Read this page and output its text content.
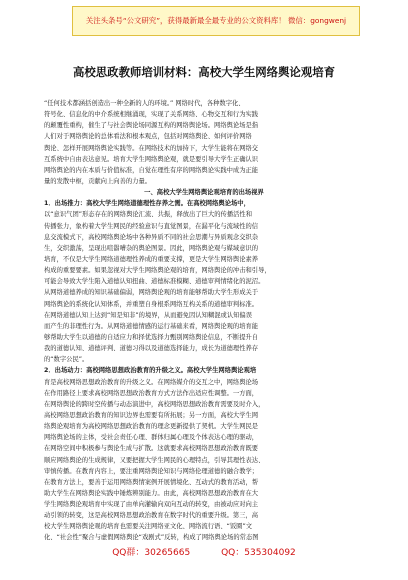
关注头条号“公文研究”，获得最新最全最专业的公文资料库！ 微信：gongwenj
高校思政教师培训材料：高校大学生网络舆论观培育
“任何技术都涵括创造出一种全新的人的环境。” 网络时代，各种数字化、
符号化、信息化的中介系统相继涌现，实现了关系网络、心物交互和行为实践
的颠覆性重构，催生了与社会舆论场同源互构的网络舆论场。网络舆论场是指
人们对于网络舆论的总体看法和根本观点，包括对网络舆论、如何评价网络
舆论、怎样开展网络舆论实践等。在网络技术的加持下，大学生能将在网络交
互系统中自由表达意见。培育大学生网络舆论观，就是要引导大学生正确认识
网络舆论的内在本质与价值标准，自觉在理性有序的网络舆论实践中成为正能
量的发散中枢，贡献向上向善的力量。
一、高校大学生网络舆论观培育的出场视界
1．出场推力：高校大学生网络道德理性存养之需。在高校网络舆论场中，
以“意识气团”形态存在的网络舆论汇流、共振，释放出了巨大的传播活性和
传播张力，象构着大学生网民的经验意识与直觉图景，在漏平化与流域性的信
息交流模式下，高校网络舆论场中各种异质不同的社会思潮与异质观念交织杂
生，交织激荡，呈现出喧嚣嘈杂的舆论图景。因此，网络舆论观与媒域意识的
培育，不仅是大学生网络道德理性养成的重要支撑，更是大学生网络舆论素养
构成的重要要素。如果忽视对大学生网络舆论观的培育，网络舆论的冲击和引导，
可能会导致大学生陷入道德认知扭曲、道德标准模糊、道德审判情绪化的泥沼。
从网络道德养成的知识基础偏弱，网络舆论观的培育能够帮助大学生形成关于
网络舆论的系统化认知体系，并重塑自身根系网络互构关系的道德审判标准。
在网络道德认知上达到“知是知非”的境界，从而避免因认知糊混或认知偏误
而产生的非理性行为。从网络道德情感的运行基础来看，网络舆论观的培育能
够帮助大学生以道德的自适应力和择优选择力甄别网络舆论信息，不断提升自
我的道德认知、道德评判、道德习得以及道德选择能力，成长为道德理性养存
的“数字公民”。
2．出场动力：高校网络思想政治教育的升级之义。高校大学生网络舆论观培
育是高校网络思想政治教育的升级之义。在网络媒介的交互之中，网络舆论场
在作用路径上要求高校网络思想政治教育方式方法作出适应性调整。一方面，
在网络舆论的跨时空传播与动态演进中，高校网络思想政治教育需要及时介入，
高校网络思想政治教育的知识边界也需要有所拓展；另一方面，高校大学生网
络舆论观培育为高校网络思想政治教育的理念更新提供了契机。大学生网民是
网络舆论场的主体，受社会责任心理、群体归属心理及个体表达心理的驱动，
在网络空间中积极参与舆论生成与扩散。这就要求高校网络思想政治教育既要
顺应网络舆论的生成规律，又要把握大学生网民的心理特点，引导其理性表达、
审慎传播。在教育内容上，要注重网络舆论知识与网络伦理道德的融合教学；
在教育方法上，要善于运用网络舆情案例开展情境化、互动式的教育活动，帮
助大学生在网络舆论实践中锤炼辨别能力。由此，高校网络思想政治教育在大
学生网络舆论观培育中实现了由单向灌输向双向互动的转变，由被动应对向主
动引领的转变，这是高校网络思想政治教育在数字时代的重要升级。第三，高
校大学生网络舆论观的培育也需要关注网络亚文化、网络流行语、“饭圈”文
化、“社会性”聚合与虚假网络舆论“戏剧式”反转，构成了网络舆论场的常态图
QQ群：30265665	QQ：535304092
